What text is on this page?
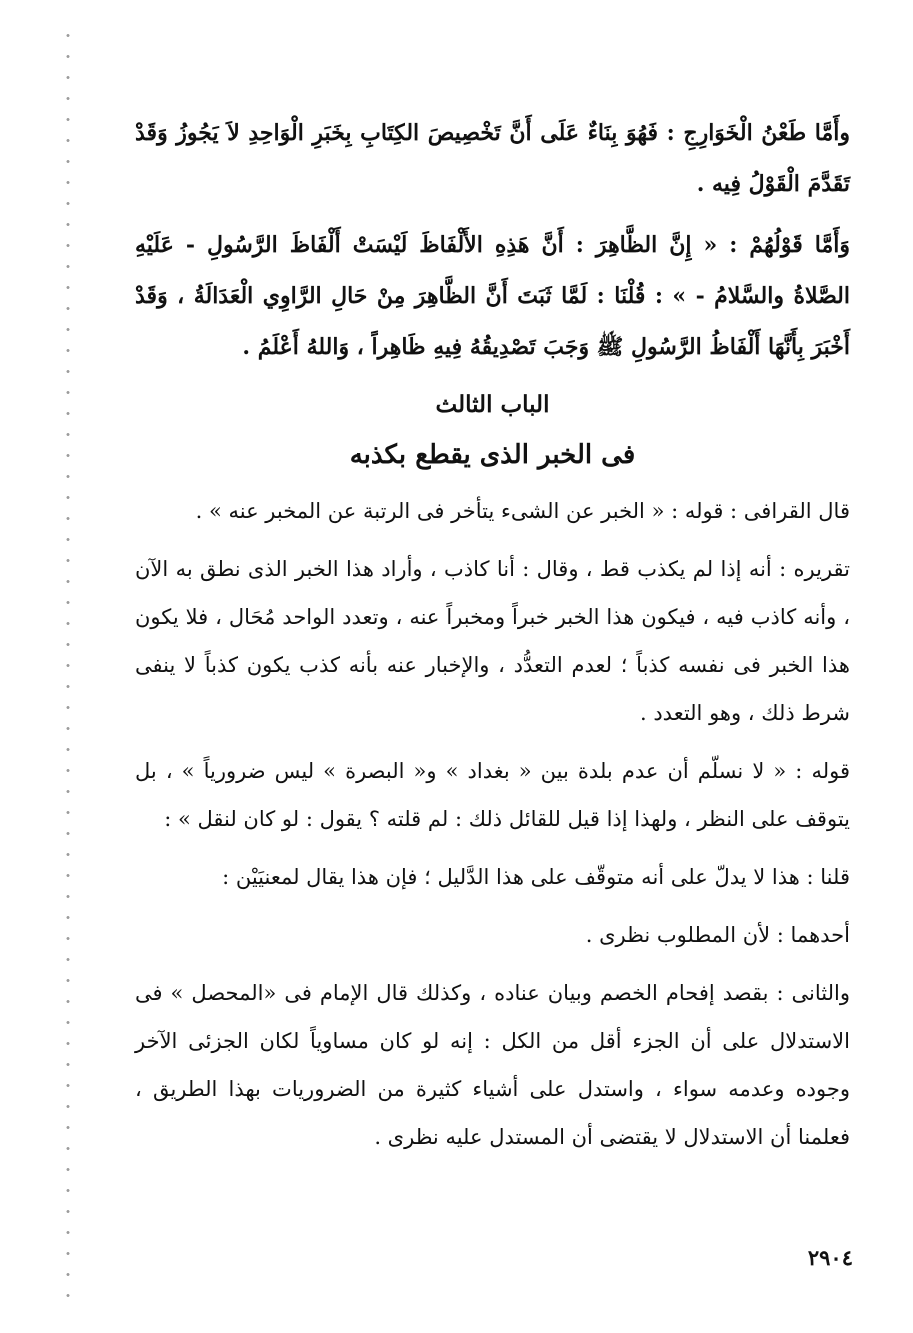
وأَمَّا طَعْنُ الْخَوَارِجِ : فَهُوَ بِنَاءٌ عَلَى أَنَّ تَخْصِيصَ الكِتَابِ بِخَبَرِ الْوَاحِدِ لاَ يَجُوزُ وَقَدْ تَقَدَّمَ الْقَوْلُ فِيه .

وَأَمَّا قَوْلُهُمْ : « إِنَّ الظَّاهِرَ : أَنَّ هَذِهِ الأَلْفَاظَ لَيْسَتْ أَلْفَاظَ الرَّسُولِ - عَلَيْهِ الصَّلاةُ والسَّلامُ - » : قُلْنَا : لَمَّا ثَبَتَ أَنَّ الظَّاهِرَ مِنْ حَالِ الرَّاوِي الْعَدَالَةُ ، وَقَدْ أَخْبَرَ بِأَنَّهَا أَلْفَاظُ الرَّسُولِ ﷺ وَجَبَ تَصْدِيقُهُ فِيهِ ظَاهِراً ، وَاللهُ أَعْلَمُ .

الباب الثالث
فى الخبر الذى يقطع بكذبه

قال القرافى : قوله : « الخبر عن الشىء يتأخر فى الرتبة عن المخبر عنه » .

تقريره : أنه إذا لم يكذب قط ، وقال : أنا كاذب ، وأراد هذا الخبر الذى نطق به الآن ، وأنه كاذب فيه ، فيكون هذا الخبر خبراً ومخبراً عنه ، وتعدد الواحد مُحَال ، فلا يكون هذا الخبر فى نفسه كذباً ؛ لعدم التعدُّد ، والإخبار عنه بأنه كذب يكون كذباً لا ينفى شرط ذلك ، وهو التعدد .

قوله : « لا نسلّم أن عدم بلدة بين « بغداد » و« البصرة » ليس ضرورياً » ، بل يتوقف على النظر ، ولهذا إذا قيل للقائل ذلك : لم قلته ؟ يقول : لو كان لنقل » :

قلنا : هذا لا يدلّ على أنه متوقّف على هذا الدَّليل ؛ فإن هذا يقال لمعنيَيْن :

أحدهما : لأن المطلوب نظرى .

والثانى : بقصد إفحام الخصم وبيان عناده ، وكذلك قال الإمام فى «المحصل » فى الاستدلال على أن الجزء أقل من الكل : إنه لو كان مساوياً لكان الجزئى الآخر وجوده وعدمه سواء ، واستدل على أشياء كثيرة من الضروريات بهذا الطريق ، فعلمنا أن الاستدلال لا يقتضى أن المستدل عليه نظرى .

٢٩٠٤
